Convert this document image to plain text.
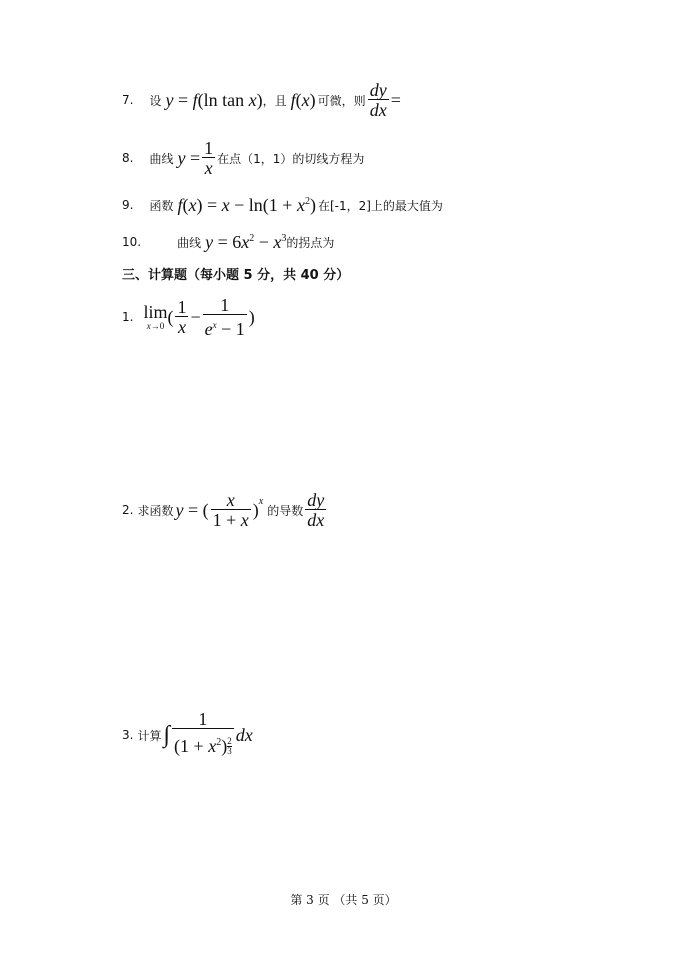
7. 设 y = f(ln tan x) ，且 f(x) 可微，则 $\frac{dy}{dx}$ =
8. 曲线 $y = \frac{1}{x}$ 在点（1，1）的切线方程为
9. 函数 $f(x) = x - \ln(1 + x^2)$ 在[-1，2]上的最大值为
10.	曲线 $y = 6x^2 - x^3$ 的拐点为
三、计算题（每小题 5 分，共 40 分）
1. lim
x→0 ( $\frac{1}{x} - \frac{1}{e^x - 1}$ )
2. 求函数 y = ( $\frac{x}{1 + x} )^x$
的导数 $\frac{dy}{dx}$
3. 计算 ∫ 1
$(1 + x^2)$ $^{\frac{2}{3}}$ dx
第 3 页 （共 5 页）
